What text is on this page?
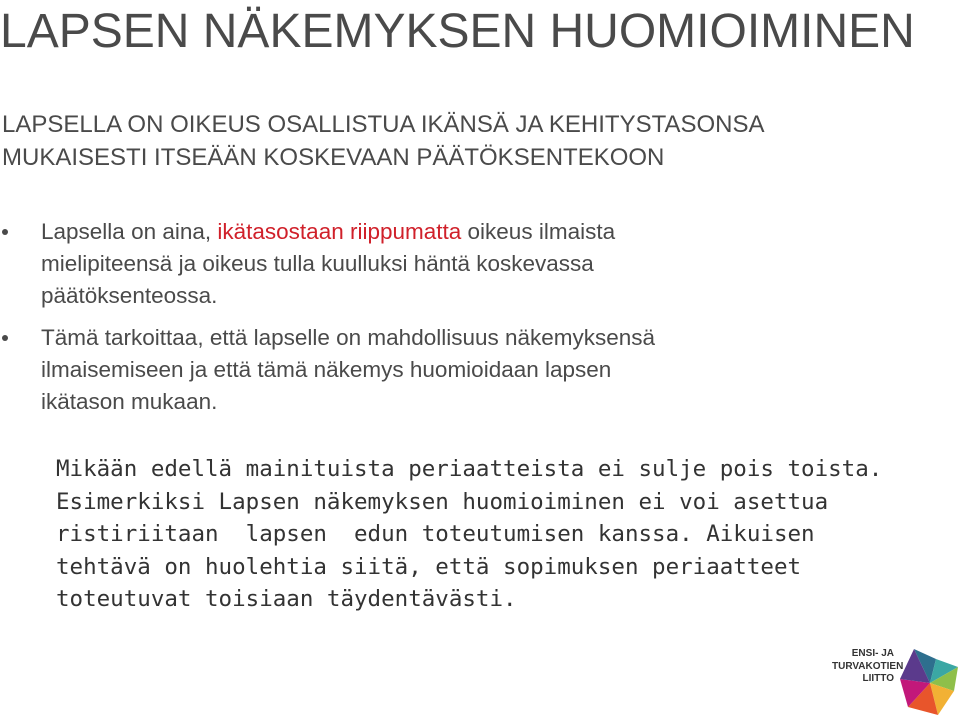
LAPSEN NÄKEMYKSEN HUOMIOIMINEN
LAPSELLA ON OIKEUS OSALLISTUA IKÄNSÄ JA KEHITYSTASONSA
MUKAISESTI ITSEÄÄN KOSKEVAAN PÄÄTÖKSENTEKOON
Lapsella on aina, ikätasostaan riippumatta oikeus ilmaista
mielipiteensä ja oikeus tulla kuulluksi häntä koskevassa
päätöksenteossa.
Tämä tarkoittaa, että lapselle on mahdollisuus näkemyksensä
ilmaisemiseen ja että tämä näkemys huomioidaan lapsen
ikätason mukaan.
Mikään edellä mainituista periaatteista ei sulje pois toista.
Esimerkiksi Lapsen näkemyksen huomioiminen ei voi asettua
ristiriitaan  lapsen  edun toteutumisen kanssa. Aikuisen
tehtävä on huolehtia siitä, että sopimuksen periaatteet
toteutuvat toisiaan täydentävästi.
ENSI- JA
TURVAKOTIEN
LIITTO
